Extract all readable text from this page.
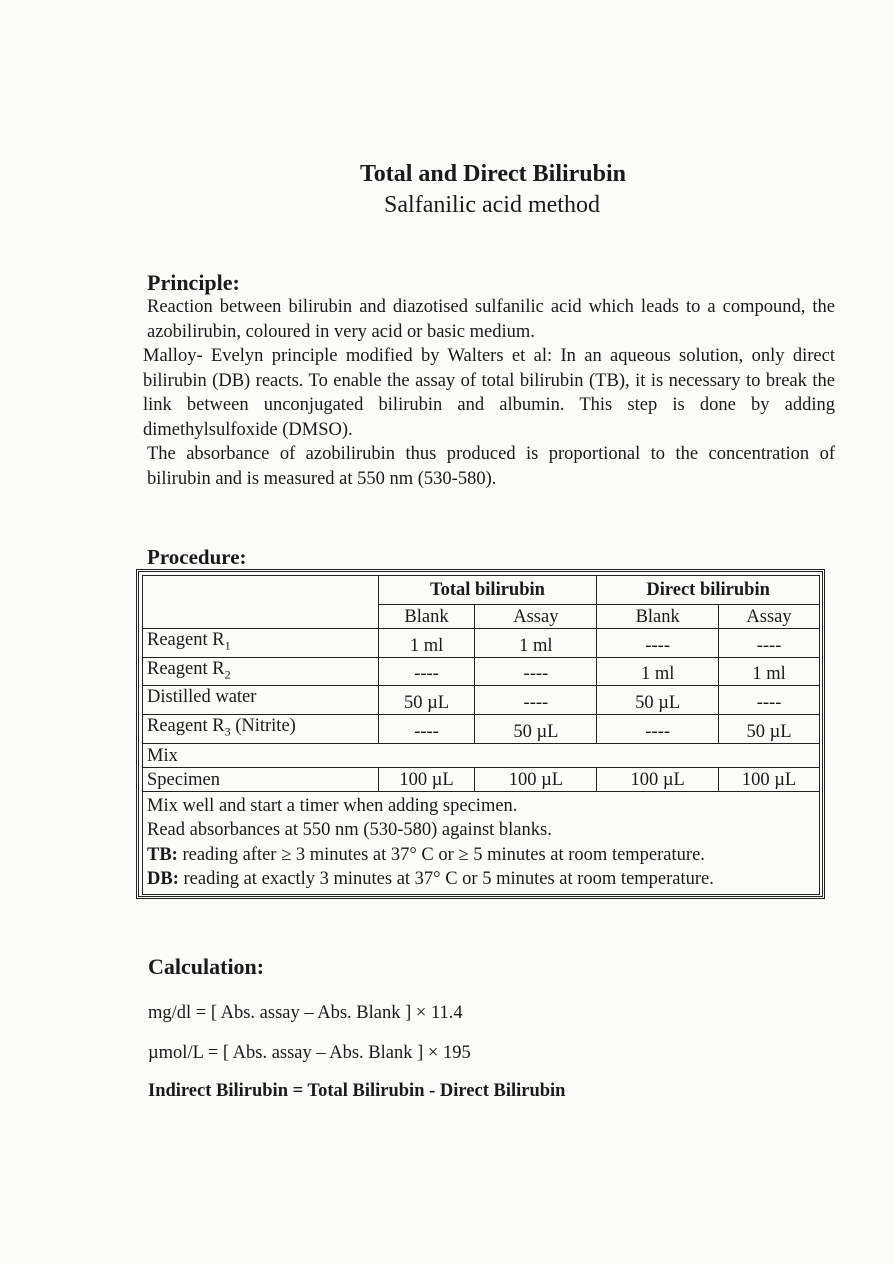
Total and Direct Bilirubin
Salfanilic acid method
Principle:

Reaction between bilirubin and diazotised sulfanilic acid which leads to a compound, the azobilirubin, coloured in very acid or basic medium.

Malloy- Evelyn principle modified by Walters et al: In an aqueous solution, only direct bilirubin (DB) reacts. To enable the assay of total bilirubin (TB), it is necessary to break the link between unconjugated bilirubin and albumin. This step is done by adding dimethylsulfoxide (DMSO).

The absorbance of azobilirubin thus produced is proportional to the concentration of bilirubin and is measured at 550 nm (530-580).

Procedure:
	Total bilirubin		Direct bilirubin	
	Blank	Assay	Blank	Assay
Reagent $R_1$	1 ml	1 ml	----	----
Reagent $R_2$	----	----	1 ml	1 ml
Distilled water	50 µL	----	50 µL	----
Reagent $R_3$ (Nitrite)	----	50 µL	----	50 µL
Mix				
Specimen	100 µL	100 µL	100 µL	100 µL

Mix well and start a timer when adding specimen.
Read absorbances at 550 nm (530-580) against blanks.
TB: reading after ≥ 3 minutes at 37° C or ≥ 5 minutes at room temperature.
DB: reading at exactly 3 minutes at 37° C or 5 minutes at room temperature.				
Calculation:
mg/dl = [ Abs. assay – Abs. Blank ] × 11.4
µmol/L = [ Abs. assay – Abs. Blank ] × 195
Indirect Bilirubin = Total Bilirubin - Direct Bilirubin
